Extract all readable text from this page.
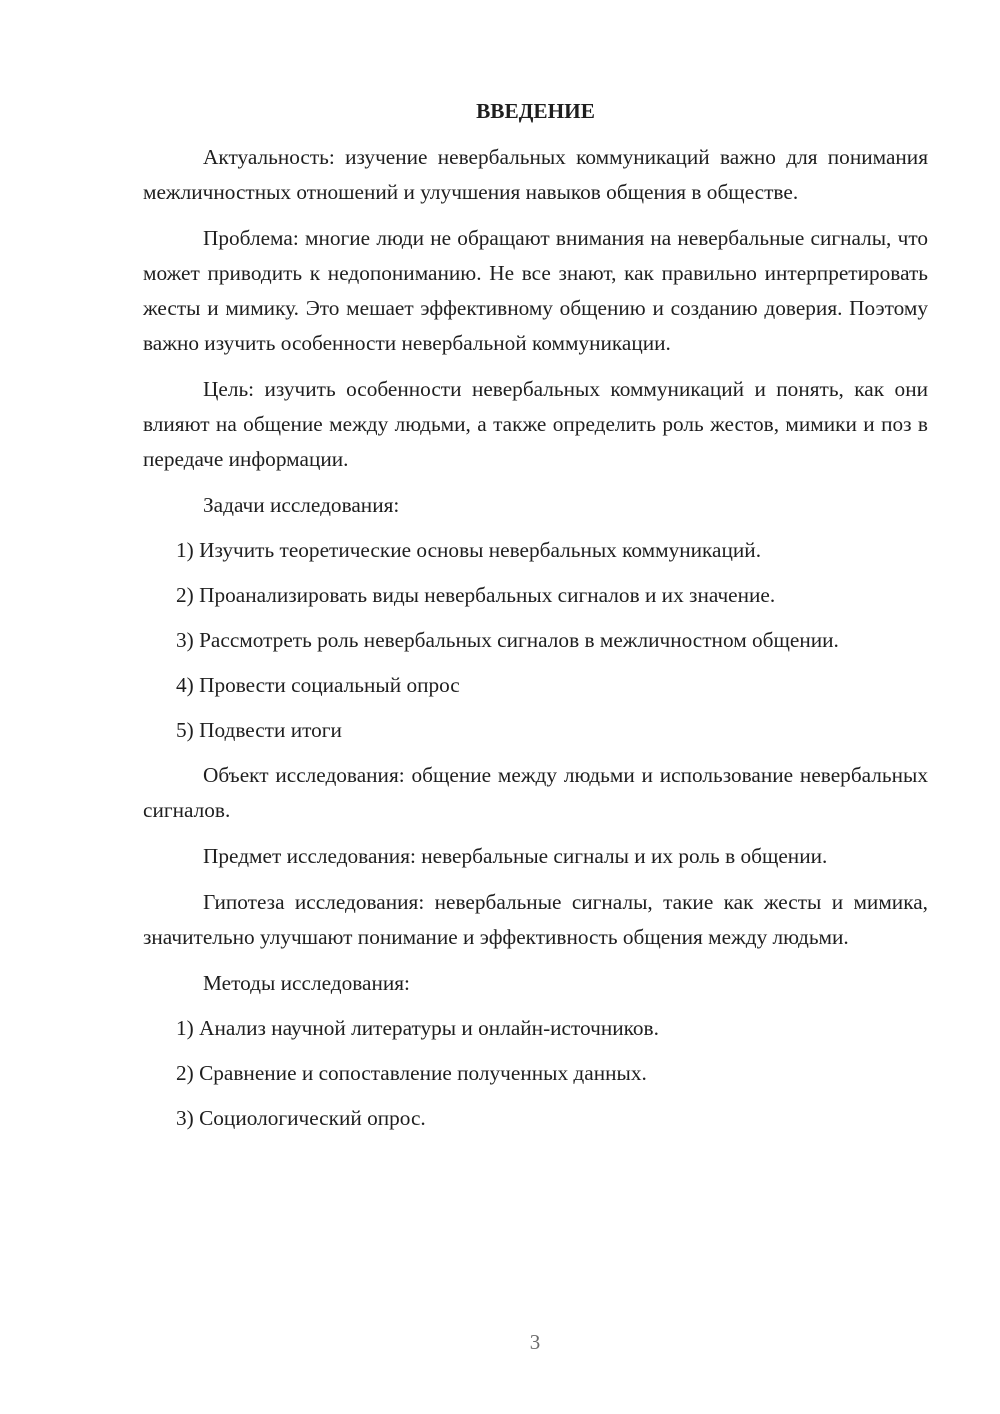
ВВЕДЕНИЕ

Актуальность: изучение невербальных коммуникаций важно для понимания межличностных отношений и улучшения навыков общения в обществе.

Проблема: многие люди не обращают внимания на невербальные сигналы, что может приводить к недопониманию. Не все знают, как правильно интерпретировать жесты и мимику. Это мешает эффективному общению и созданию доверия. Поэтому важно изучить особенности невербальной коммуникации.

Цель: изучить особенности невербальных коммуникаций и понять, как они влияют на общение между людьми, а также определить роль жестов, мимики и поз в передаче информации.

Задачи исследования:

1) Изучить теоретические основы невербальных коммуникаций.

2) Проанализировать виды невербальных сигналов и их значение.

3) Рассмотреть роль невербальных сигналов в межличностном общении.

4) Провести социальный опрос

5) Подвести итоги

Объект исследования: общение между людьми и использование невербальных сигналов.

Предмет исследования: невербальные сигналы и их роль в общении.

Гипотеза исследования: невербальные сигналы, такие как жесты и мимика, значительно улучшают понимание и эффективность общения между людьми.

Методы исследования:

1) Анализ научной литературы и онлайн-источников.

2) Сравнение и сопоставление полученных данных.

3) Социологический опрос.

3
